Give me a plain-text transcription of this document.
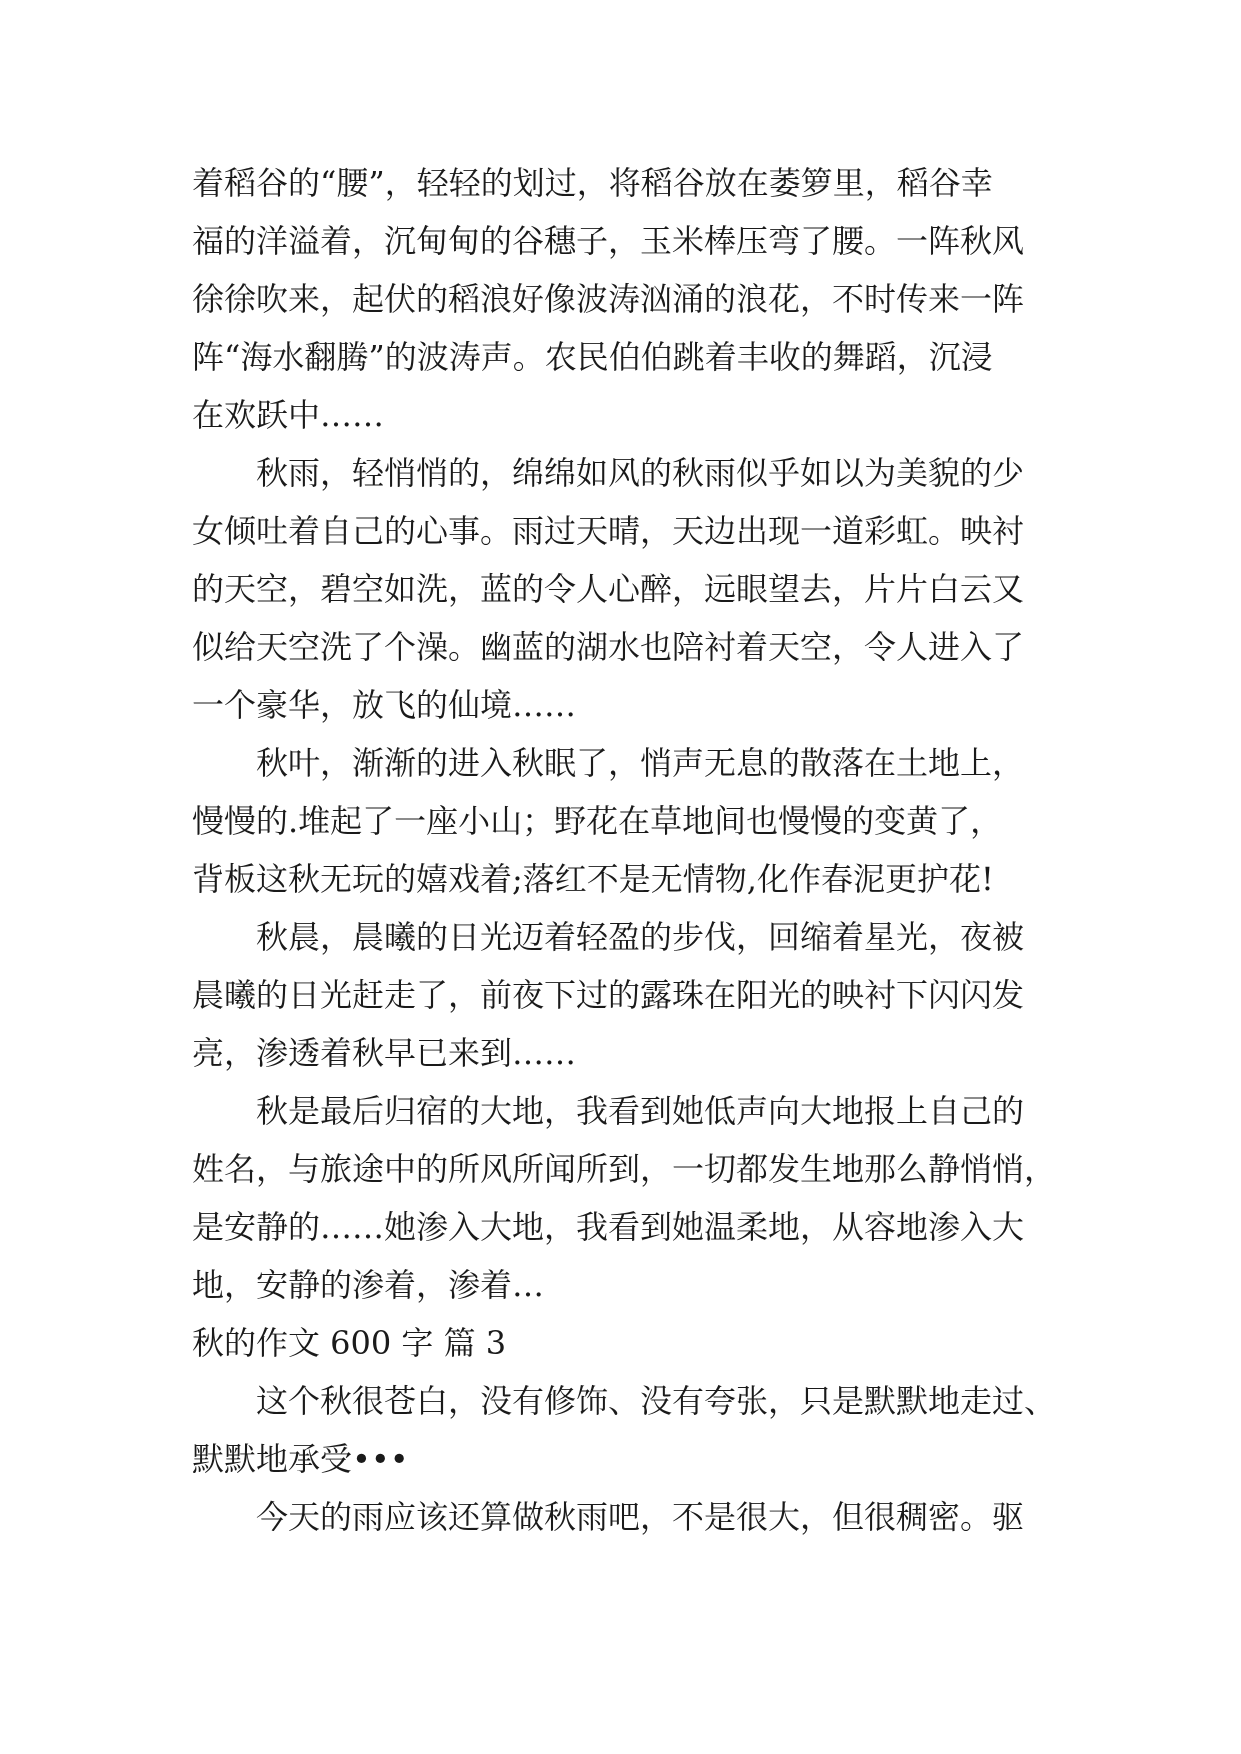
着稻谷的“腰”，轻轻的划过，将稻谷放在萎箩里，稻谷幸
福的洋溢着，沉甸甸的谷穗子，玉米棒压弯了腰。一阵秋风
徐徐吹来，起伏的稻浪好像波涛汹涌的浪花，不时传来一阵
阵“海水翻腾”的波涛声。农民伯伯跳着丰收的舞蹈，沉浸
在欢跃中……
秋雨，轻悄悄的，绵绵如风的秋雨似乎如以为美貌的少
女倾吐着自己的心事。雨过天晴，天边出现一道彩虹。映衬
的天空，碧空如洗，蓝的令人心醉，远眼望去，片片白云又
似给天空洗了个澡。幽蓝的湖水也陪衬着天空，令人进入了
一个豪华，放飞的仙境……
秋叶，渐渐的进入秋眠了，悄声无息的散落在土地上，
慢慢的.堆起了一座小山；野花在草地间也慢慢的变黄了，
背板这秋无玩的嬉戏着;落红不是无情物,化作春泥更护花!
秋晨，晨曦的日光迈着轻盈的步伐，回缩着星光，夜被
晨曦的日光赶走了，前夜下过的露珠在阳光的映衬下闪闪发
亮，渗透着秋早已来到……
秋是最后归宿的大地，我看到她低声向大地报上自己的
姓名，与旅途中的所风所闻所到，一切都发生地那么静悄悄，
是安静的……她渗入大地，我看到她温柔地，从容地渗入大
地，安静的渗着，渗着…
秋的作文 600 字 篇 3
这个秋很苍白，没有修饰、没有夸张，只是默默地走过、
默默地承受•••
今天的雨应该还算做秋雨吧，不是很大，但很稠密。驱
